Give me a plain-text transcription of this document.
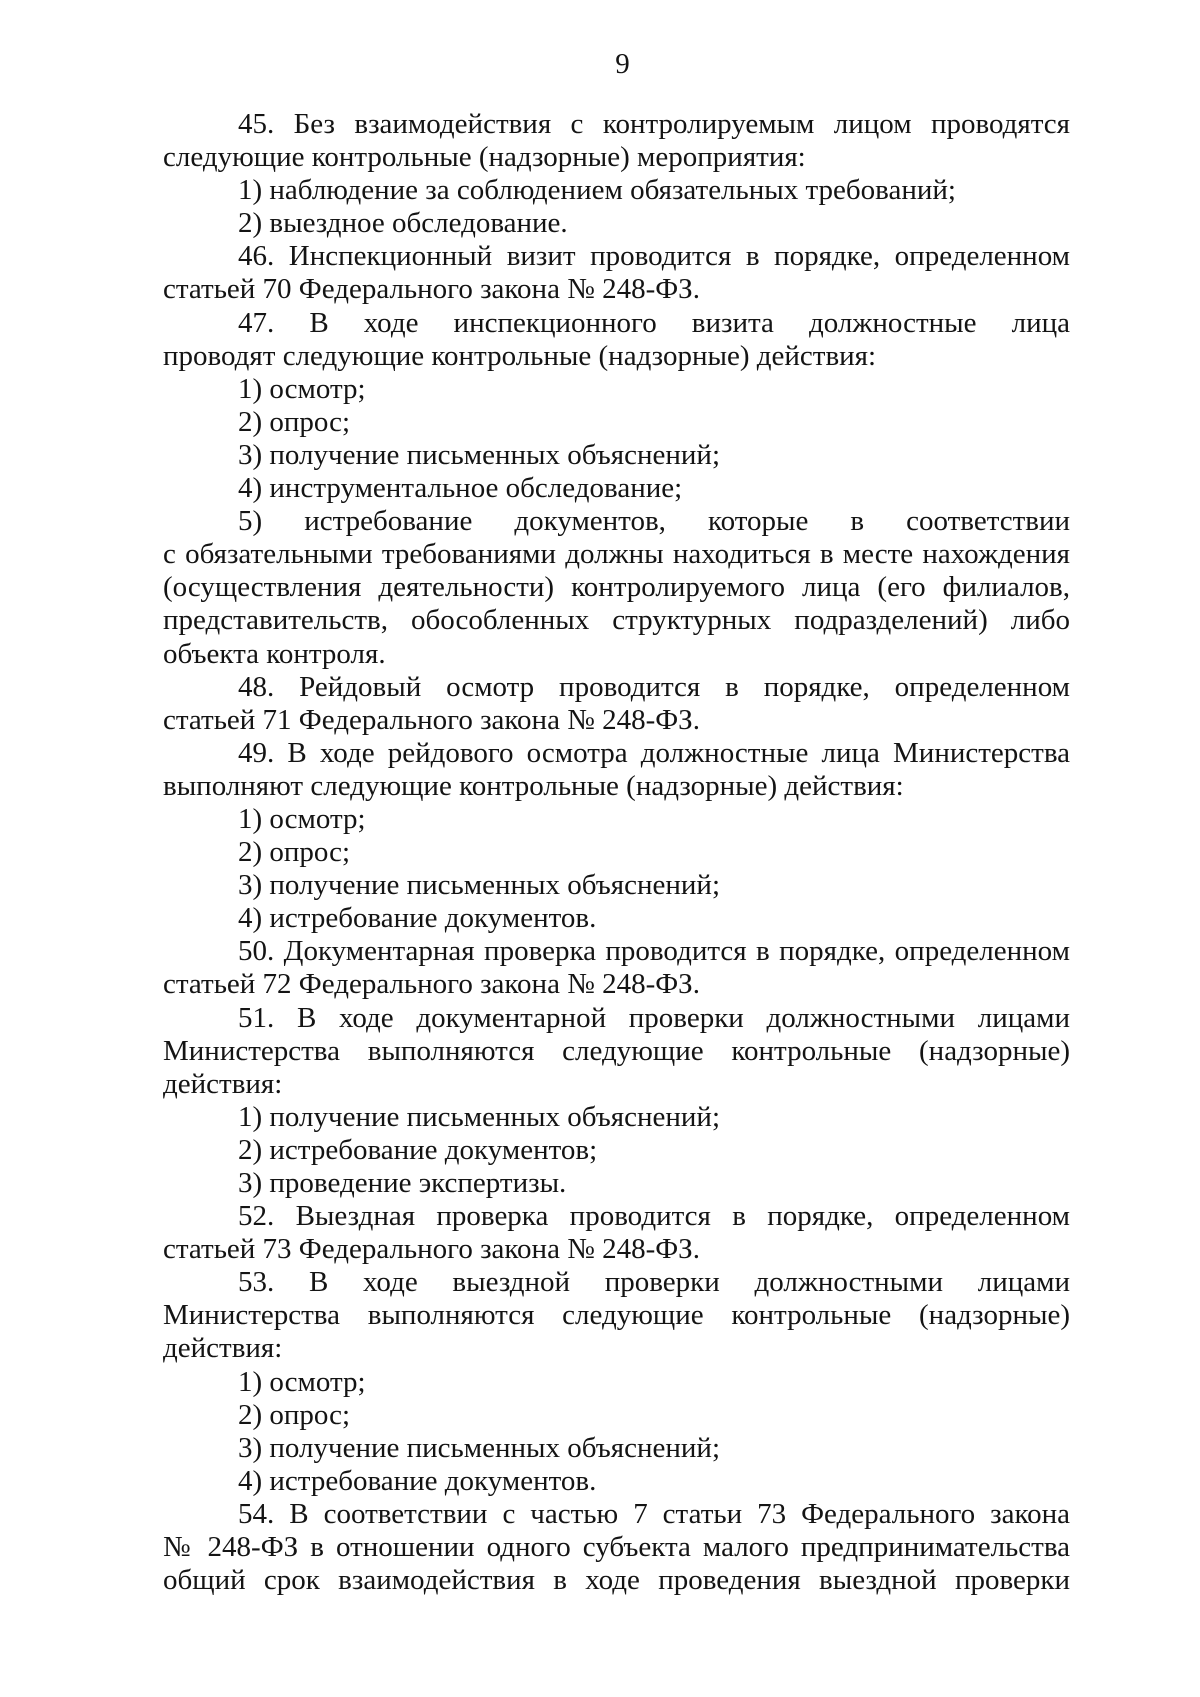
9
45. Без взаимодействия с контролируемым лицом проводятся
следующие контрольные (надзорные) мероприятия:
1) наблюдение за соблюдением обязательных требований;
2) выездное обследование.
46. Инспекционный визит проводится в порядке, определенном
статьей 70 Федерального закона № 248-ФЗ.
47. В ходе инспекционного визита должностные лица
проводят следующие контрольные (надзорные) действия:
1) осмотр;
2) опрос;
3) получение письменных объяснений;
4) инструментальное обследование;
5) истребование документов, которые в соответствии
с обязательными требованиями должны находиться в месте нахождения
(осуществления деятельности) контролируемого лица (его филиалов,
представительств, обособленных структурных подразделений) либо
объекта контроля.
48. Рейдовый осмотр проводится в порядке, определенном
статьей 71 Федерального закона № 248-ФЗ.
49. В ходе рейдового осмотра должностные лица Министерства
выполняют следующие контрольные (надзорные) действия:
1) осмотр;
2) опрос;
3) получение письменных объяснений;
4) истребование документов.
50. Документарная проверка проводится в порядке, определенном
статьей 72 Федерального закона № 248-ФЗ.
51. В ходе документарной проверки должностными лицами
Министерства выполняются следующие контрольные (надзорные)
действия:
1) получение письменных объяснений;
2) истребование документов;
3) проведение экспертизы.
52. Выездная проверка проводится в порядке, определенном
статьей 73 Федерального закона № 248-ФЗ.
53. В ходе выездной проверки должностными лицами
Министерства выполняются следующие контрольные (надзорные)
действия:
1) осмотр;
2) опрос;
3) получение письменных объяснений;
4) истребование документов.
54. В соответствии с частью 7 статьи 73 Федерального закона
№ 248-ФЗ в отношении одного субъекта малого предпринимательства
общий срок взаимодействия в ходе проведения выездной проверки
